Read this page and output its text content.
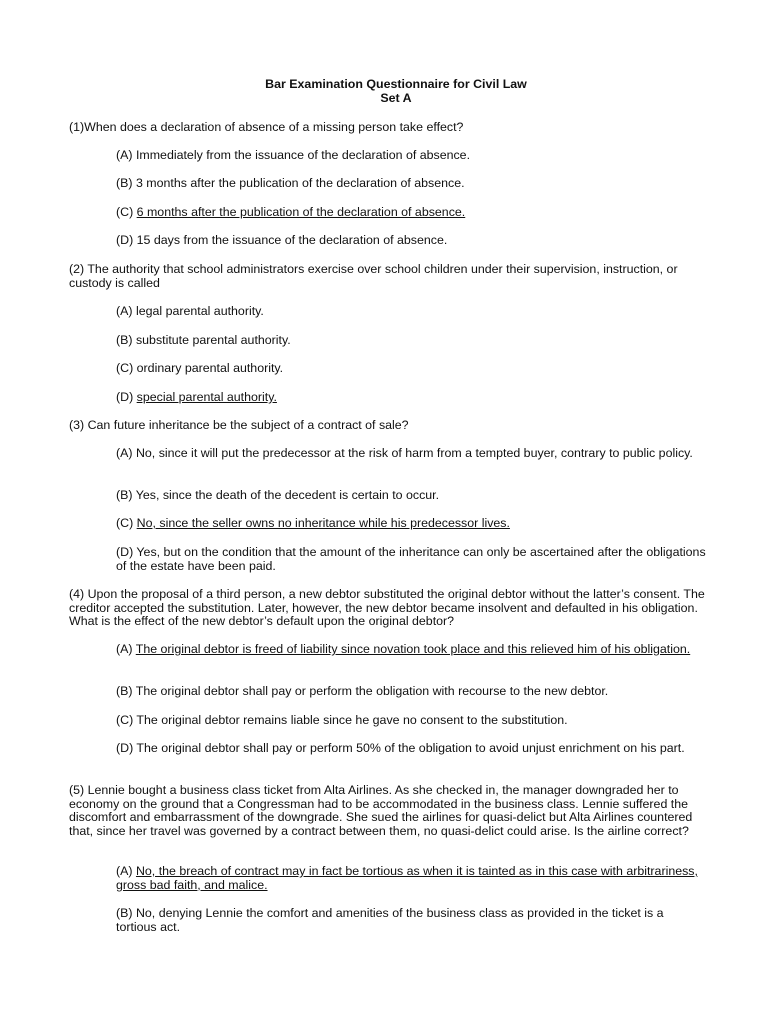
Bar Examination Questionnaire for Civil Law
Set A
(1)When does a declaration of absence of a missing person take effect?
(A) Immediately from the issuance of the declaration of absence.
(B) 3 months after the publication of the declaration of absence.
(C) 6 months after the publication of the declaration of absence.
(D) 15 days from the issuance of the declaration of absence.
(2) The authority that school administrators exercise over school children under their supervision, instruction, or custody is called
(A) legal parental authority.
(B) substitute parental authority.
(C) ordinary parental authority.
(D) special parental authority.
(3) Can future inheritance be the subject of a contract of sale?
(A) No, since it will put the predecessor at the risk of harm from a tempted buyer, contrary to public policy.
(B) Yes, since the death of the decedent is certain to occur.
(C) No, since the seller owns no inheritance while his predecessor lives.
(D) Yes, but on the condition that the amount of the inheritance can only be ascertained after the obligations of the estate have been paid.
(4) Upon the proposal of a third person, a new debtor substituted the original debtor without the latter’s consent. The creditor accepted the substitution. Later, however, the new debtor became insolvent and defaulted in his obligation. What is the effect of the new debtor’s default upon the original debtor?
(A) The original debtor is freed of liability since novation took place and this relieved him of his obligation.
(B) The original debtor shall pay or perform the obligation with recourse to the new debtor.
(C) The original debtor remains liable since he gave no consent to the substitution.
(D) The original debtor shall pay or perform 50% of the obligation to avoid unjust enrichment on his part.
(5) Lennie bought a business class ticket from Alta Airlines. As she checked in, the manager downgraded her to economy on the ground that a Congressman had to be accommodated in the business class. Lennie suffered the discomfort and embarrassment of the downgrade. She sued the airlines for quasi-delict but Alta Airlines countered that, since her travel was governed by a contract between them, no quasi-delict could arise. Is the airline correct?
(A) No, the breach of contract may in fact be tortious as when it is tainted as in this case with arbitrariness, gross bad faith, and malice.
(B) No, denying Lennie the comfort and amenities of the business class as provided in the ticket is a tortious act.
